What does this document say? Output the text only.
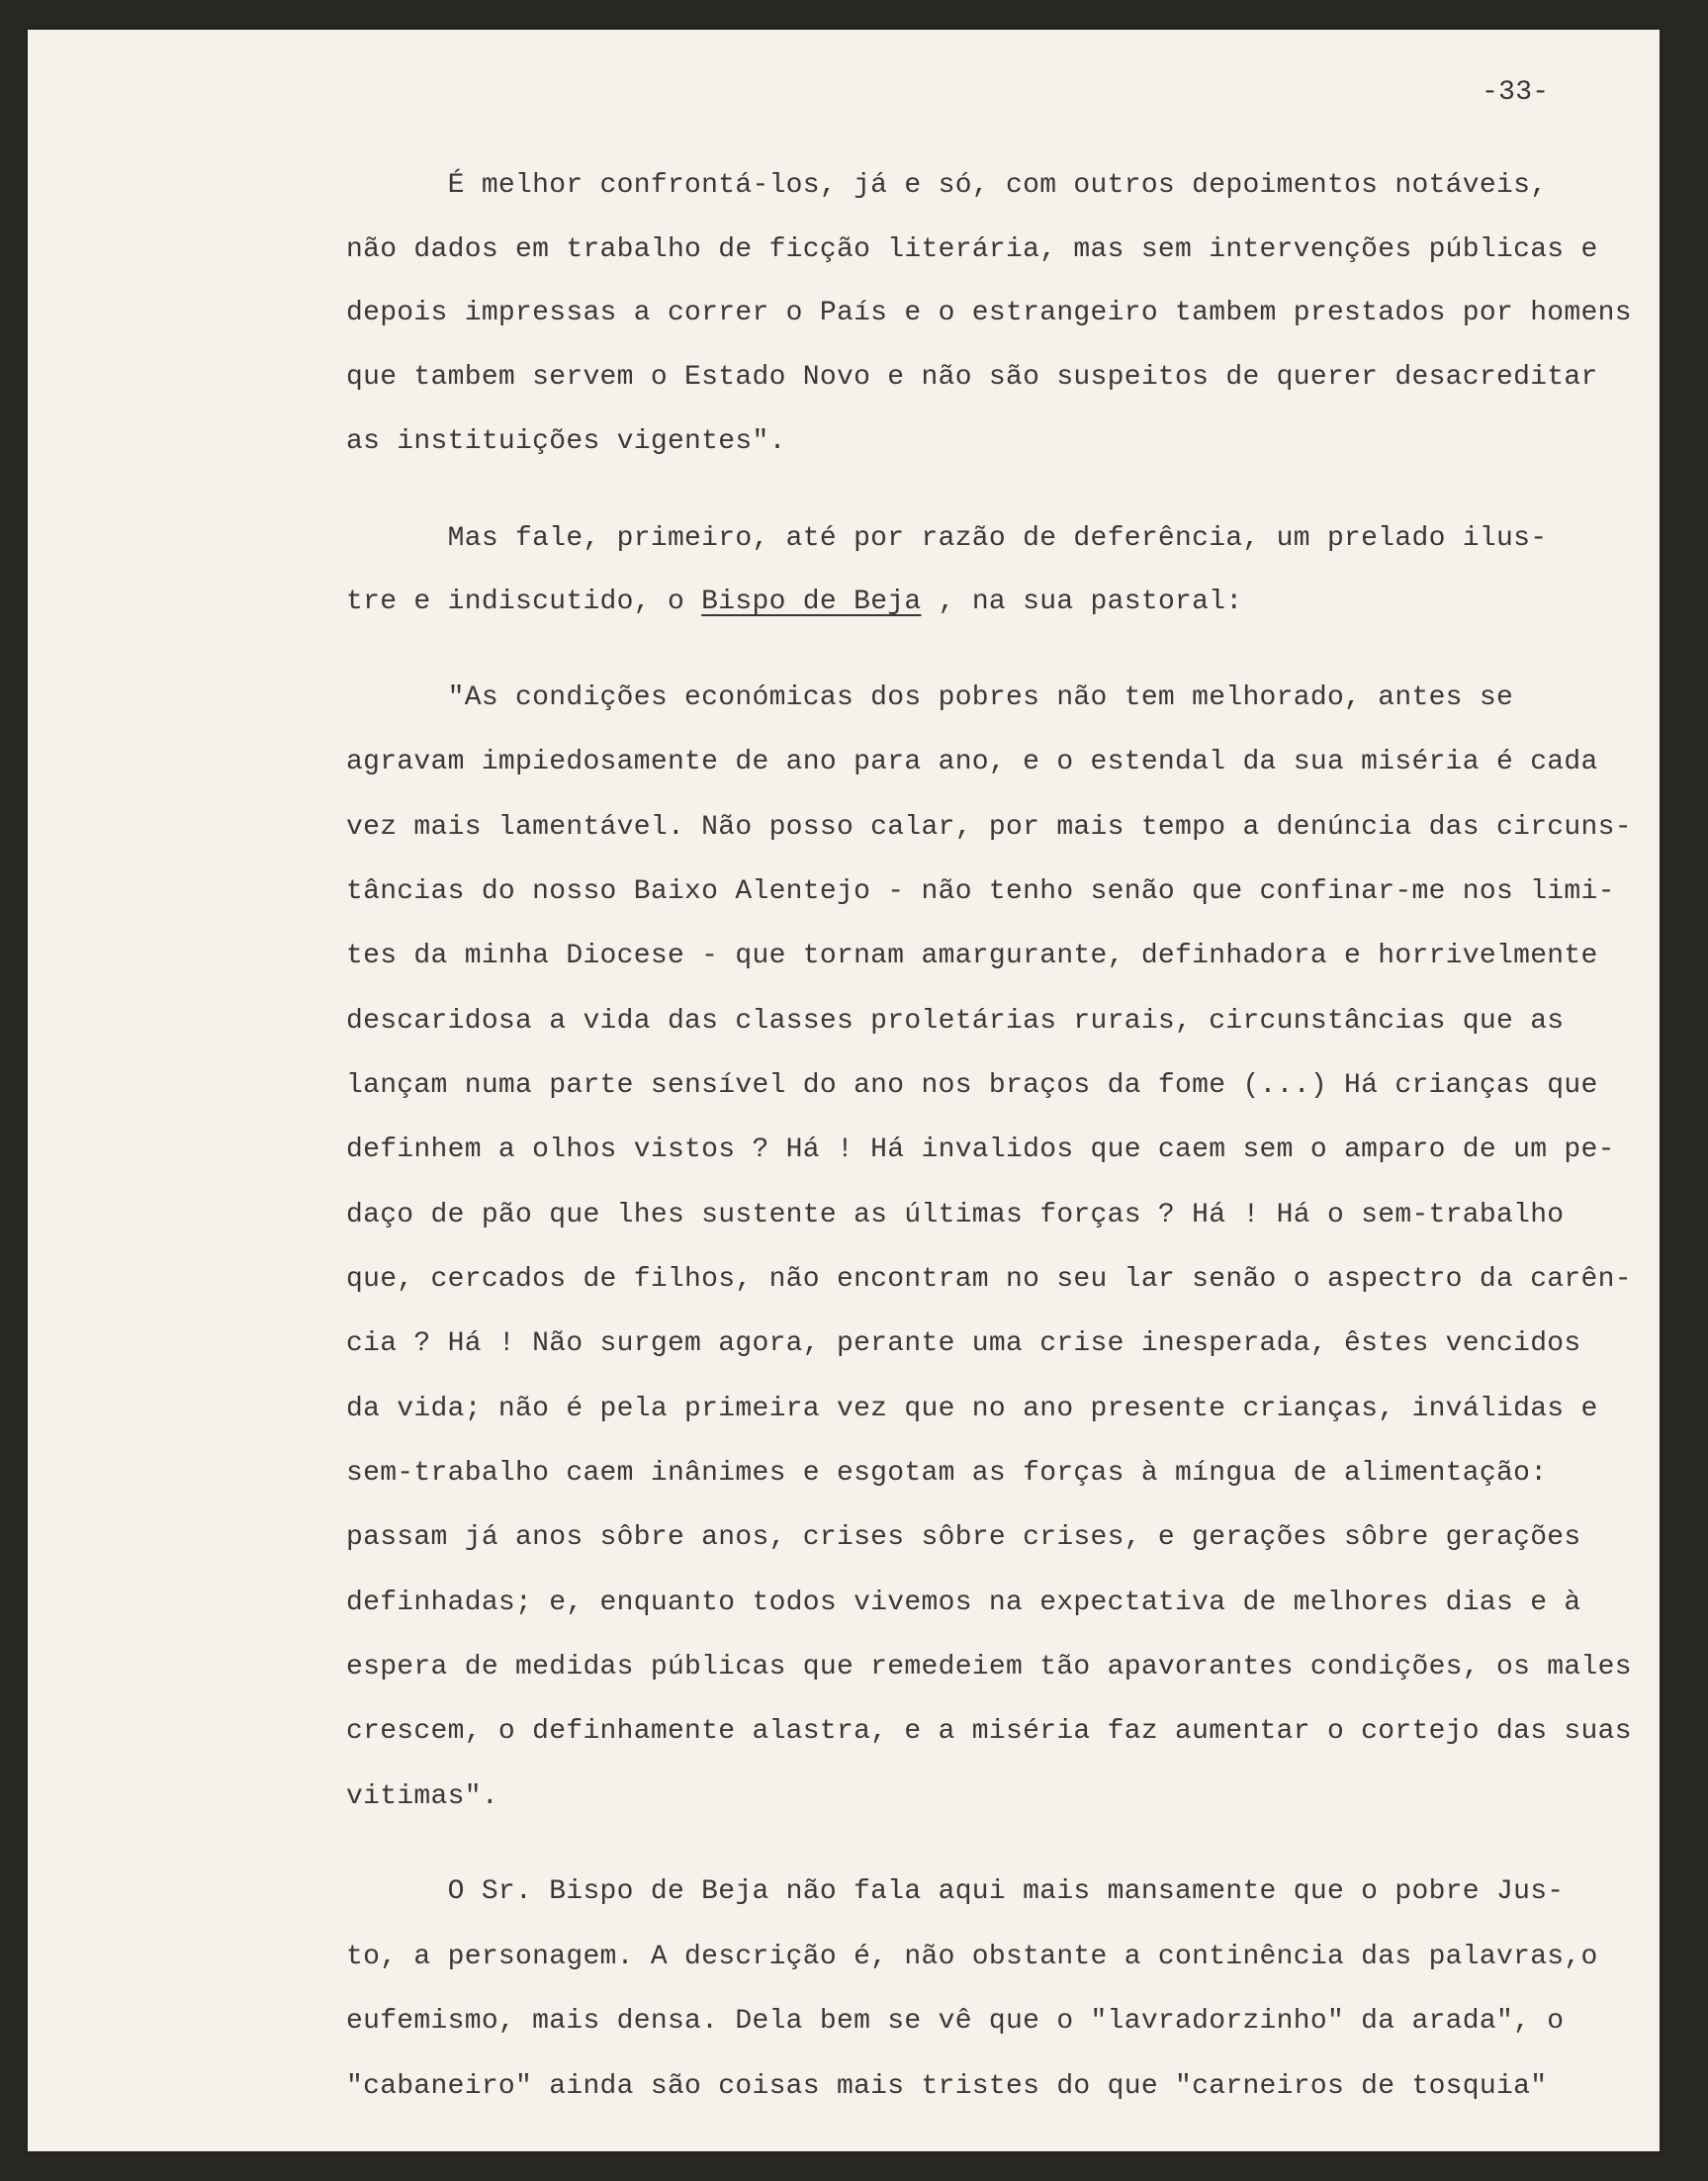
-33-
É melhor confrontá-los, já e só, com outros depoimentos notáveis,
não dados em trabalho de ficção literária, mas sem intervenções públicas e
depois impressas a correr o País e o estrangeiro tambem prestados por homens
que tambem servem o Estado Novo e não são suspeitos de querer desacreditar
as instituições vigentes".
Mas fale, primeiro, até por razão de deferência, um prelado ilus-
tre e indiscutido, o Bispo de Beja , na sua pastoral:
"As condições económicas dos pobres não tem melhorado, antes se
agravam impiedosamente de ano para ano, e o estendal da sua miséria é cada
vez mais lamentável. Não posso calar, por mais tempo a denúncia das circuns-
tâncias do nosso Baixo Alentejo - não tenho senão que confinar-me nos limi-
tes da minha Diocese - que tornam amargurante, definhadora e horrivelmente
descaridosa a vida das classes proletárias rurais, circunstâncias que as
lançam numa parte sensível do ano nos braços da fome (...) Há crianças que
definhem a olhos vistos ? Há ! Há invalidos que caem sem o amparo de um pe-
daço de pão que lhes sustente as últimas forças ? Há ! Há o sem-trabalho
que, cercados de filhos, não encontram no seu lar senão o aspectro da carên-
cia ? Há ! Não surgem agora, perante uma crise inesperada, êstes vencidos
da vida; não é pela primeira vez que no ano presente crianças, inválidas e
sem-trabalho caem inânimes e esgotam as forças à míngua de alimentação:
passam já anos sôbre anos, crises sôbre crises, e gerações sôbre gerações
definhadas; e, enquanto todos vivemos na expectativa de melhores dias e à
espera de medidas públicas que remedeiem tão apavorantes condições, os males
crescem, o definhamente alastra, e a miséria faz aumentar o cortejo das suas
vitimas".
O Sr. Bispo de Beja não fala aqui mais mansamente que o pobre Jus-
to, a personagem. A descrição é, não obstante a continência das palavras,o
eufemismo, mais densa. Dela bem se vê que o "lavradorzinho" da arada", o
"cabaneiro" ainda são coisas mais tristes do que "carneiros de tosquia"
